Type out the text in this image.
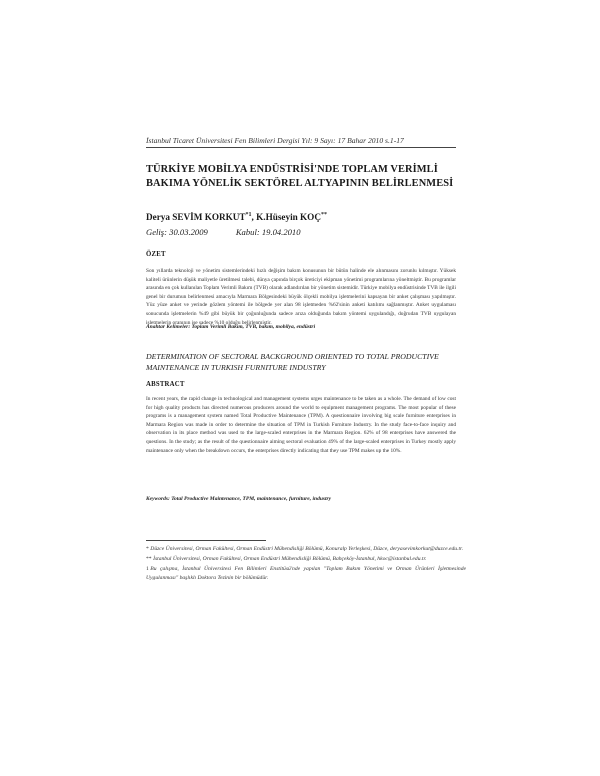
İstanbul Ticaret Üniversitesi Fen Bilimleri Dergisi Yıl: 9 Sayı: 17 Bahar 2010 s.1-17
TÜRKİYE MOBİLYA ENDÜSTRİSİ'NDE TOPLAM VERİMLİ BAKIMA YÖNELİK SEKTÖREL ALTYAPININ BELİRLENMESİ
Derya SEVİM KORKUT$^{*1}$, K.Hüseyin KOÇ**
Geliş: 30.03.2009	Kabul: 19.04.2010
ÖZET

Son yıllarda teknoloji ve yönetim sistemlerindeki hızlı değişim bakım konusunun bir bütün halinde ele alınmasını zorunlu kılmıştır. Yüksek kaliteli ürünlerin düşük maliyetle üretilmesi talebi, dünya çapında birçok üreticiyi ekipman yönetimi programlarına yöneltmiştir. Bu programlar arasında en çok kullanılan Toplam Verimli Bakım (TVB) olarak adlandırılan bir yönetim sistemidir. Türkiye mobilya endüstrisinde TVB ile ilgili genel bir durumun belirlenmesi amacıyla Marmara Bölgesindeki büyük ölçekli mobilya işletmelerini kapsayan bir anket çalışması yapılmıştır. Yüz yüze anket ve yerinde gözlem yöntemi ile bölgede yer alan 98 işletmeden %62'sinin anketi katılımı sağlanmıştır. Anket uygulaması sonucunda işletmelerin %49 gibi büyük bir çoğunluğunda sadece arıza olduğunda bakım yöntemi uygulandığı, doğrudan TVB uygulayan işletmelerin oranının ise sadece %10 olduğu belirlenmiştir.

Anahtar Kelimeler: Toplam Verimli Bakım, TVB, bakım, mobilya, endüstri
DETERMINATION OF SECTORAL BACKGROUND ORIENTED TO TOTAL PRODUCTIVE MAINTENANCE IN TURKISH FURNITURE INDUSTRY
ABSTRACT

In recent years, the rapid change in technological and management systems urges maintenance to be taken as a whole. The demand of low cost for high quality products has directed numerous producers around the world to equipment management programs. The most popular of these programs is a management system named Total Productive Maintenance (TPM). A questionnaire involving big scale furniture enterprises in Marmara Region was made in order to determine the situation of TPM in Turkish Furniture Industry. In the study face-to-face inquiry and observation in its place method was used to the large-scaled enterprises in the Marmara Region. 62% of 98 enterprises have answered the questions. In the study; as the result of the questionnaire aiming sectoral evaluation 49% of the large-scaled enterprises in Turkey mostly apply maintenance only when the breakdown occurs, the enterprises directly indicating that they use TPM makes up the 10%.

Keywords: Total Productive Maintenance, TPM, maintenance, furniture, industry
* Düzce Üniversitesi, Orman Fakültesi, Orman Endüstri Mühendisliği Bölümü, Konuralp Yerleşkesi, Düzce, deryasevimkorkut@duzce.edu.tr.
** İstanbul Üniversitesi, Orman Fakültesi, Orman Endüstri Mühendisliği Bölümü, Bahçeköy-İstanbul, hkoc@istanbul.edu.tr.
1 Bu çalışma, İstanbul Üniversitesi Fen Bilimleri Enstitüsü'nde yapılan "Toplam Bakım Yönetimi ve Orman Ürünleri İşletmesinde Uygulanması" başlıklı Doktora Tezinin bir bölümüdür.
